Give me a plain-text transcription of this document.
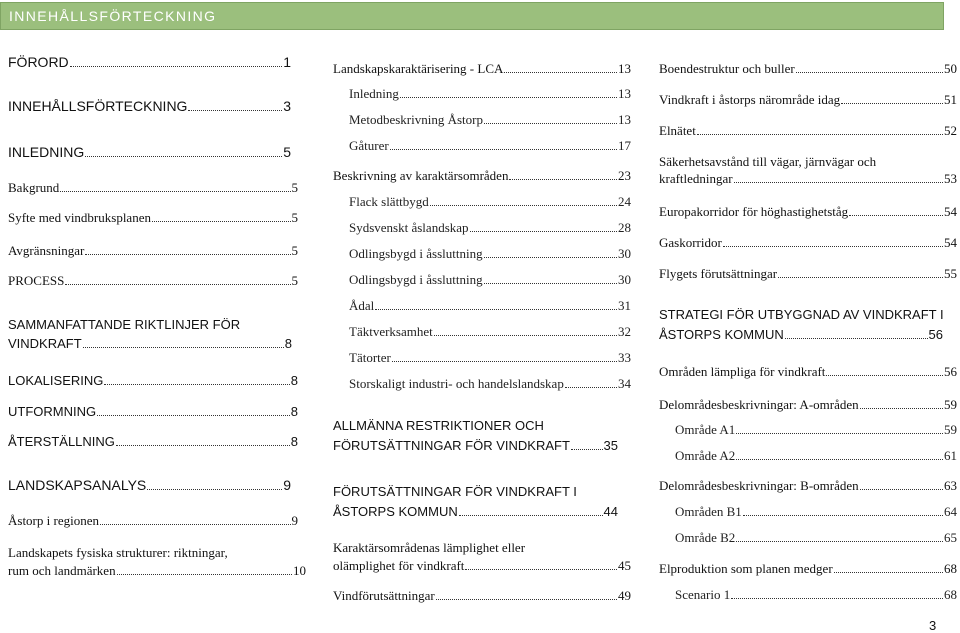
INNEHÅLLSFÖRTECKNING
FÖRORD	1
INNEHÅLLSFÖRTECKNING	3
INLEDNING	5
Bakgrund	5
Syfte med vindbruksplanen	5
Avgränsningar	5
PROCESS	5
SAMMANFATTANDE RIKTLINJER FÖR
VINDKRAFT	8
LOKALISERING	8
UTFORMNING	8
ÅTERSTÄLLNING	8
LANDSKAPSANALYS	9
Åstorp i regionen	9
Landskapets fysiska strukturer: riktningar,
rum och landmärken	10
Landskapskaraktärisering - LCA	13
Inledning	13
Metodbeskrivning Åstorp	13
Gåturer	17
Beskrivning av karaktärsområden	23
Flack slättbygd	24
Sydsvenskt åslandskap	28
Odlingsbygd i åssluttning	30
Odlingsbygd i åssluttning	30
Ådal	31
Täktverksamhet	32
Tätorter	33
Storskaligt industri- och handelslandskap	34
ALLMÄNNA RESTRIKTIONER OCH
FÖRUTSÄTTNINGAR FÖR VINDKRAFT	35
FÖRUTSÄTTNINGAR FÖR VINDKRAFT I
ÅSTORPS KOMMUN	44
Karaktärsområdenas lämplighet eller
olämplighet för vindkraft	45
Vindförutsättningar	49
Boendestruktur och buller	50
Vindkraft i åstorps närområde idag	51
Elnätet	52
Säkerhetsavstånd till vägar, järnvägar och
kraftledningar	53
Europakorridor för höghastighetståg	54
Gaskorridor	54
Flygets förutsättningar	55
STRATEGI FÖR UTBYGGNAD AV VINDKRAFT I
ÅSTORPS KOMMUN	56
Områden lämpliga för vindkraft	56
Delområdesbeskrivningar: A-områden	59
Område A1	59
Område A2	61
Delområdesbeskrivningar: B-områden	63
Områden B1	64
Område B2	65
Elproduktion som planen medger	68
Scenario 1	68
3
